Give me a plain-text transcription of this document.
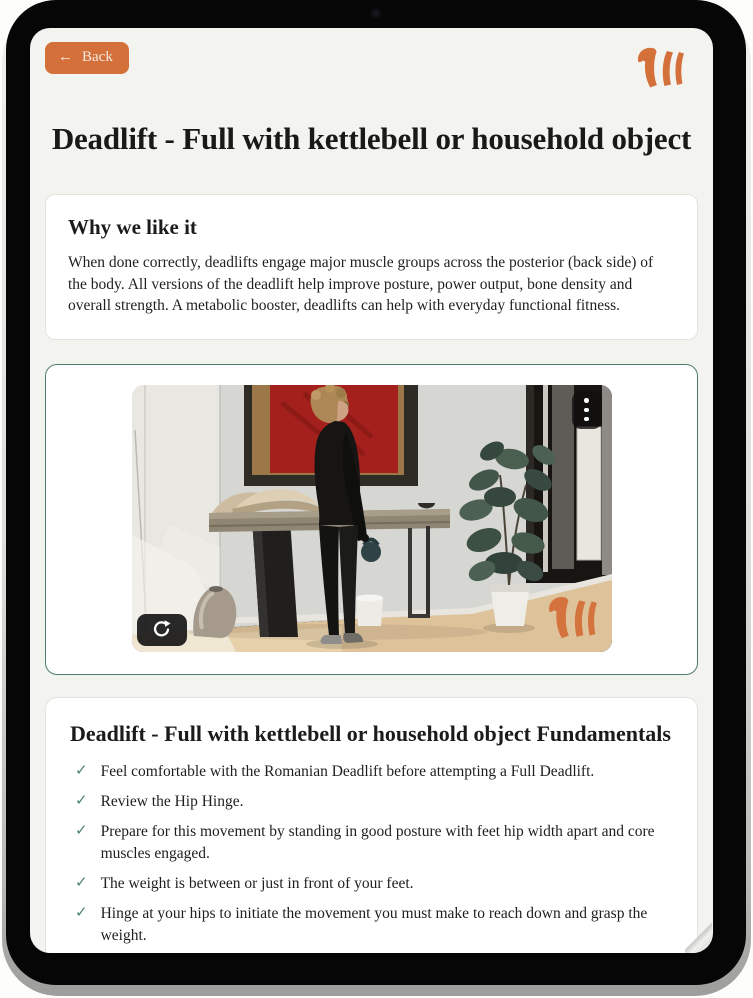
← Back
Deadlift - Full with kettlebell or household object
Why we like it

When done correctly, deadlifts engage major muscle groups across the posterior (back side) of the body. All versions of the deadlift help improve posture, power output, bone density and overall strength. A metabolic booster, deadlifts can help with everyday functional fitness.

Deadlift - Full with kettlebell or household object Fundamentals
✓ Feel comfortable with the Romanian Deadlift before attempting a Full Deadlift.
✓ Review the Hip Hinge.
✓ Prepare for this movement by standing in good posture with feet hip width apart and core muscles engaged.
✓ The weight is between or just in front of your feet.
✓ Hinge at your hips to initiate the movement you must make to reach down and grasp the weight.
